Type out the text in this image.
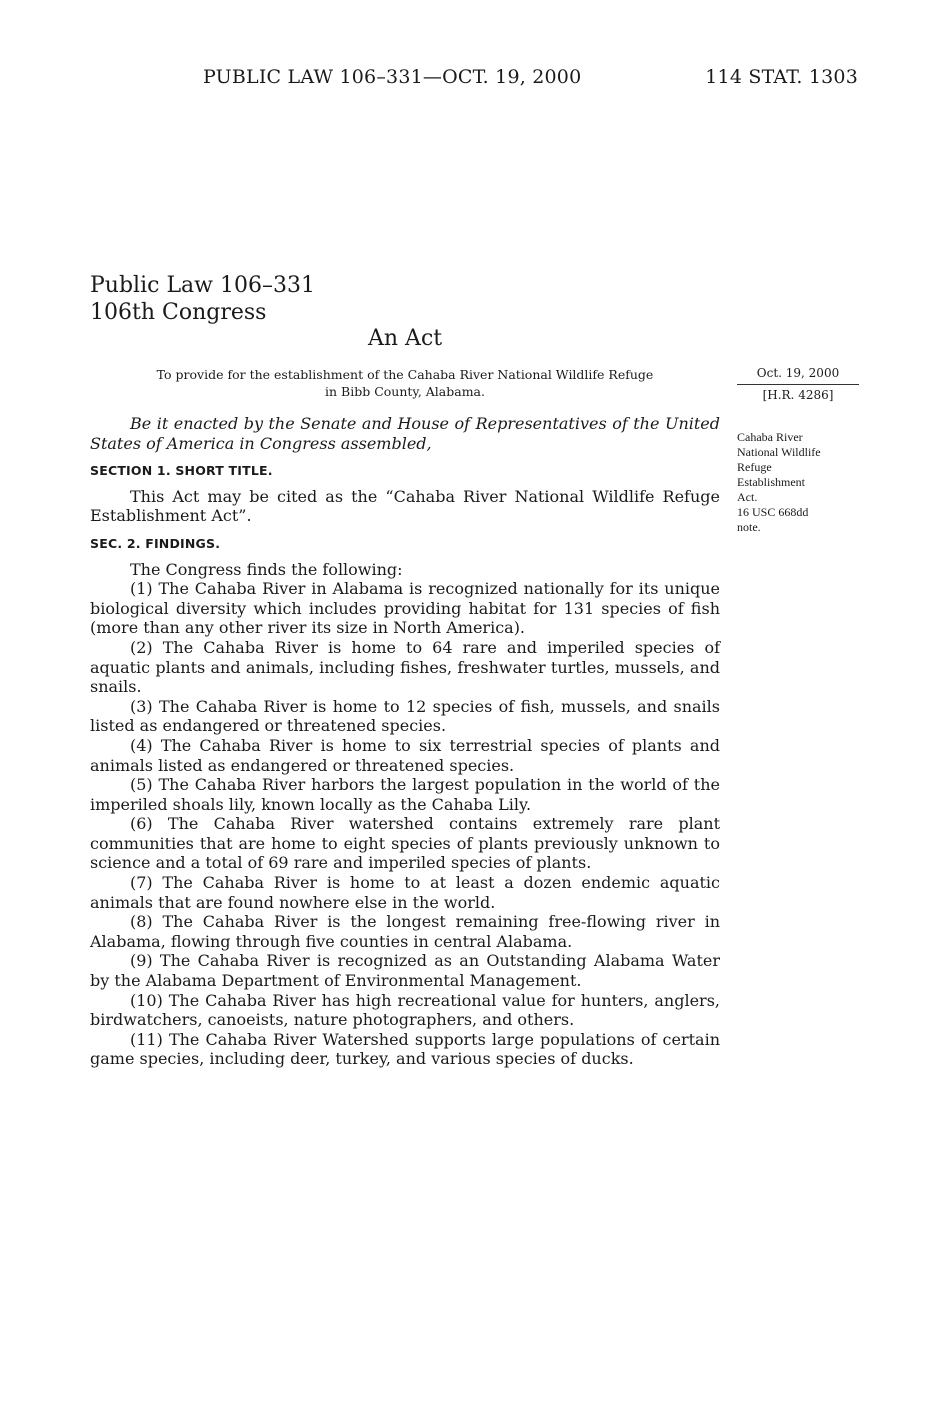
PUBLIC LAW 106–331—OCT. 19, 2000	114 STAT. 1303
Public Law 106–331
106th Congress
An Act
To provide for the establishment of the Cahaba River National Wildlife Refuge
in Bibb County, Alabama.
Oct. 19, 2000
[H.R. 4286]
Cahaba River
National Wildlife
Refuge
Establishment
Act.
16 USC 668dd
note.

Be it enacted by the Senate and House of Representatives of the United States of America in Congress assembled,

SECTION 1. SHORT TITLE.

This Act may be cited as the “Cahaba River National Wildlife Refuge Establishment Act”.

SEC. 2. FINDINGS.

The Congress finds the following:

(1) The Cahaba River in Alabama is recognized nationally for its unique biological diversity which includes providing habitat for 131 species of fish (more than any other river its size in North America).

(2) The Cahaba River is home to 64 rare and imperiled species of aquatic plants and animals, including fishes, freshwater turtles, mussels, and snails.

(3) The Cahaba River is home to 12 species of fish, mussels, and snails listed as endangered or threatened species.

(4) The Cahaba River is home to six terrestrial species of plants and animals listed as endangered or threatened species.

(5) The Cahaba River harbors the largest population in the world of the imperiled shoals lily, known locally as the Cahaba Lily.

(6) The Cahaba River watershed contains extremely rare plant communities that are home to eight species of plants previously unknown to science and a total of 69 rare and imperiled species of plants.

(7) The Cahaba River is home to at least a dozen endemic aquatic animals that are found nowhere else in the world.

(8) The Cahaba River is the longest remaining free-flowing river in Alabama, flowing through five counties in central Alabama.

(9) The Cahaba River is recognized as an Outstanding Alabama Water by the Alabama Department of Environmental Management.

(10) The Cahaba River has high recreational value for hunters, anglers, birdwatchers, canoeists, nature photographers, and others.

(11) The Cahaba River Watershed supports large populations of certain game species, including deer, turkey, and various species of ducks.
